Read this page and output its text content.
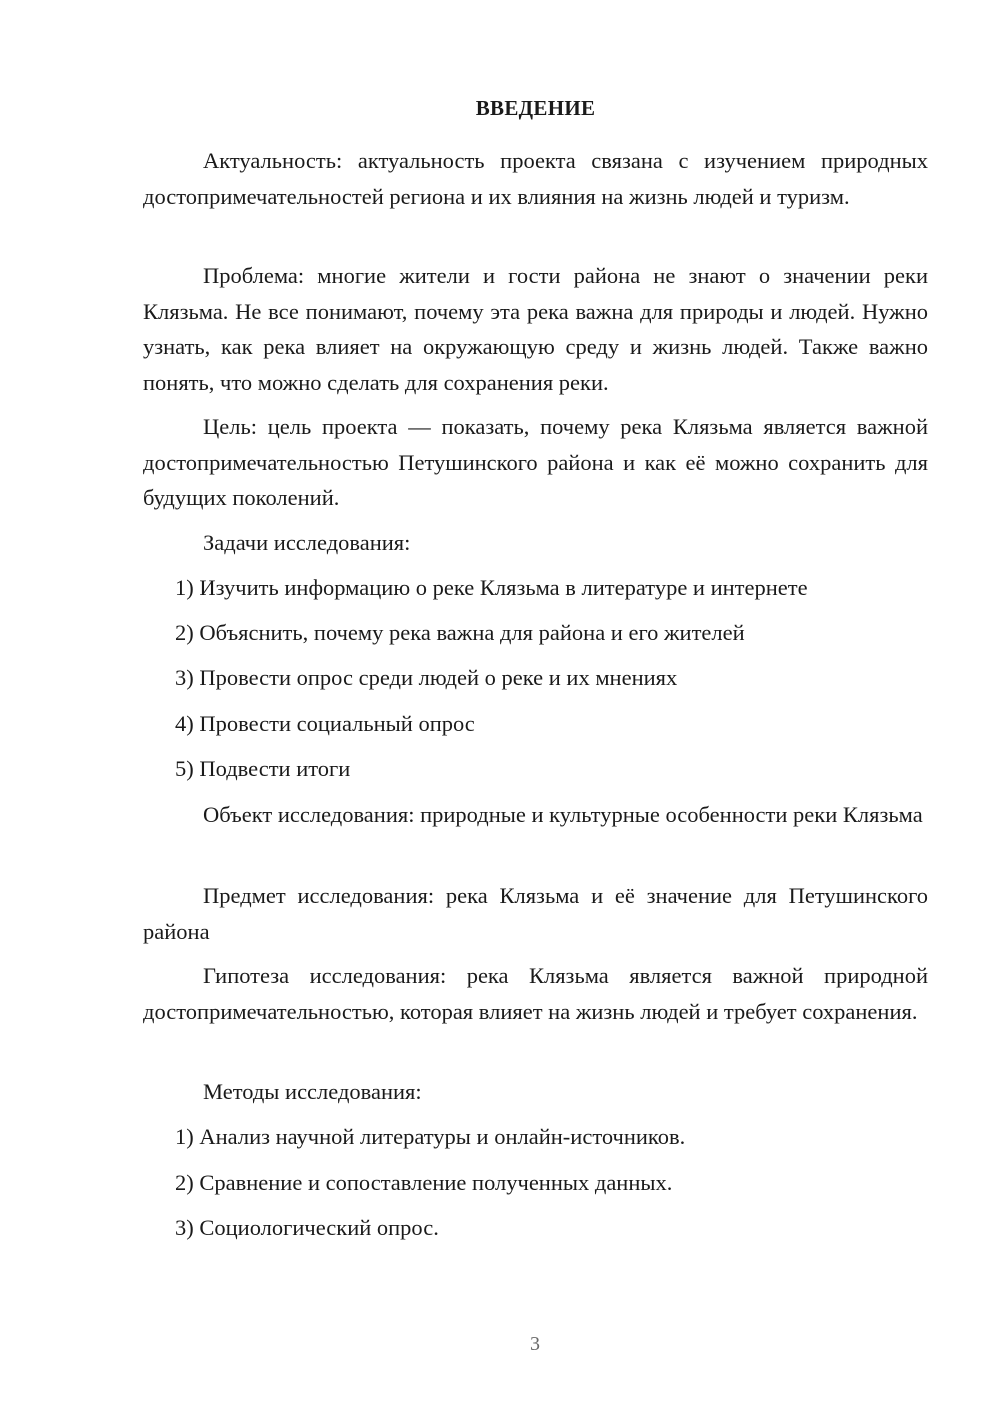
ВВЕДЕНИЕ

Актуальность: актуальность проекта связана с изучением природных достопримечательностей региона и их влияния на жизнь людей и туризм.

Проблема: многие жители и гости района не знают о значении реки Клязьма. Не все понимают, почему эта река важна для природы и людей. Нужно узнать, как река влияет на окружающую среду и жизнь людей. Также важно понять, что можно сделать для сохранения реки.

Цель: цель проекта — показать, почему река Клязьма является важной достопримечательностью Петушинского района и как её можно сохранить для будущих поколений.

Задачи исследования:

1) Изучить информацию о реке Клязьма в литературе и интернете

2) Объяснить, почему река важна для района и его жителей

3) Провести опрос среди людей о реке и их мнениях

4) Провести социальный опрос

5) Подвести итоги

Объект исследования: природные и культурные особенности реки Клязьма

Предмет исследования: река Клязьма и её значение для Петушинского района

Гипотеза исследования: река Клязьма является важной природной достопримечательностью, которая влияет на жизнь людей и требует сохранения.

Методы исследования:

1) Анализ научной литературы и онлайн-источников.

2) Сравнение и сопоставление полученных данных.

3) Социологический опрос.

3
